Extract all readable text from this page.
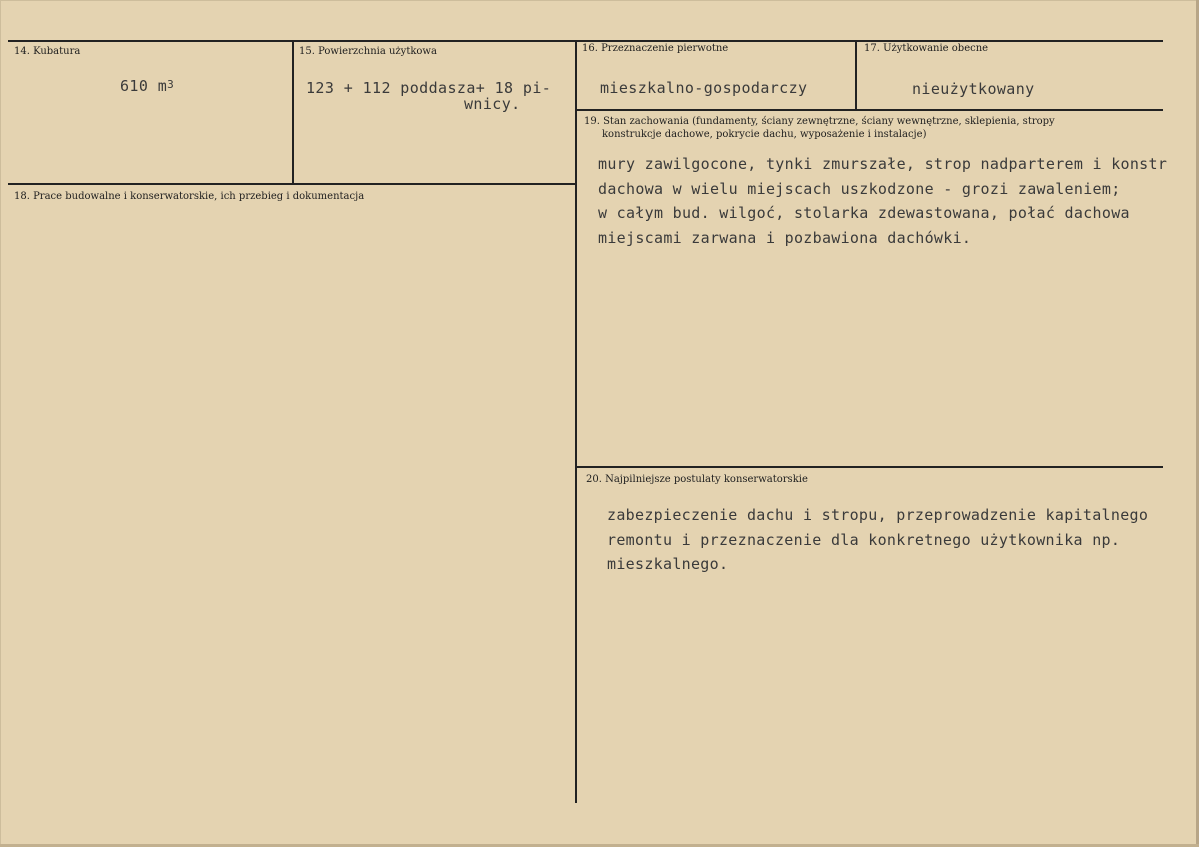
14. Kubatura
610 $m^3$
15. Powierzchnia użytkowa
123 + 112 poddasza+ 18 pi-
wnicy.
16. Przeznaczenie pierwotne
mieszkalno-gospodarczy
17. Użytkowanie obecne
nieużytkowany
18. Prace budowalne i konserwatorskie, ich przebieg i dokumentacja
19. Stan zachowania (fundamenty, ściany zewnętrzne, ściany wewnętrzne, sklepienia, stropy
konstrukcje dachowe, pokrycie dachu, wyposażenie i instalacje)
mury zawilgocone, tynki zmurszałe, strop nadparterem i konstr
dachowa w wielu miejscach uszkodzone - grozi zawaleniem;
w całym bud. wilgoć, stolarka zdewastowana, połać dachowa
miejscami zarwana i pozbawiona dachówki.
20. Najpilniejsze postulaty konserwatorskie
zabezpieczenie dachu i stropu, przeprowadzenie kapitalnego
remontu i przeznaczenie dla konkretnego użytkownika np.
mieszkalnego.
